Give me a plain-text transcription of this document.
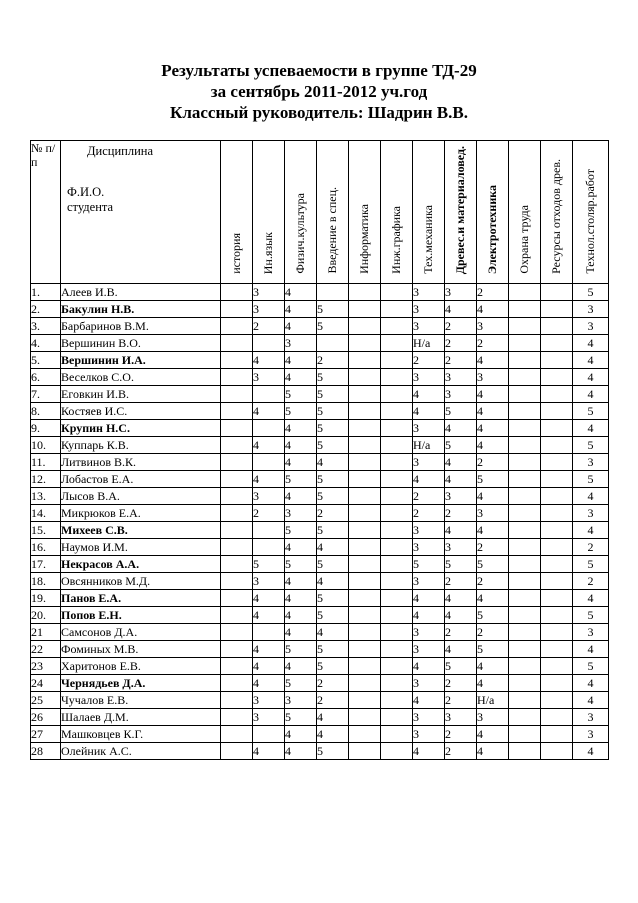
Результаты успеваемости в группе ТД-29
за сентябрь 2011-2012 уч.год
Классный руководитель: Шадрин В.В.
№ п/п	Дисциплина
Ф.И.О.
студента	история	Ин.язык	Физич.культура	Введение в спец.	Информатика	Инж.графика	Тех.механика	Древес.и материаловед.	Электротехника	Охрана труда	Ресурсы отходов древ.	Технол.столяр.работ
1.	Алеев И.В.		3	4				3	3	2			5
2.	Бакулин Н.В.		3	4	5			3	4	4			3
3.	Барбаринов В.М.		2	4	5			3	2	3			3
4.	Вершинин В.О.			3				Н/а	2	2			4
5.	Вершинин И.А.		4	4	2			2	2	4			4
6.	Веселков С.О.		3	4	5			3	3	3			4
7.	Еговкин И.В.			5	5			4	3	4			4
8.	Костяев И.С.		4	5	5			4	5	4			5
9.	Крупин Н.С.			4	5			3	4	4			4
10.	Куппарь К.В.		4	4	5			Н/а	5	4			5
11.	Литвинов В.К.			4	4			3	4	2			3
12.	Лобастов Е.А.		4	5	5			4	4	5			5
13.	Лысов В.А.		3	4	5			2	3	4			4
14.	Микрюков Е.А.		2	3	2			2	2	3			3
15.	Михеев С.В.			5	5			3	4	4			4
16.	Наумов И.М.			4	4			3	3	2			2
17.	Некрасов А.А.		5	5	5			5	5	5			5
18.	Овсянников М.Д.		3	4	4			3	2	2			2
19.	Панов Е.А.		4	4	5			4	4	4			4
20.	Попов Е.Н.		4	4	5			4	4	5			5
21	Самсонов Д.А.			4	4			3	2	2			3
22	Фоминых М.В.		4	5	5			3	4	5			4
23	Харитонов Е.В.		4	4	5			4	5	4			5
24	Чернядьев Д.А.		4	5	2			3	2	4			4
25	Чучалов Е.В.		3	3	2			4	2	Н/а			4
26	Шалаев Д.М.		3	5	4			3	3	3			3
27	Машковцев К.Г.			4	4			3	2	4			3
28	Олейник А.С.		4	4	5			4	2	4			4
